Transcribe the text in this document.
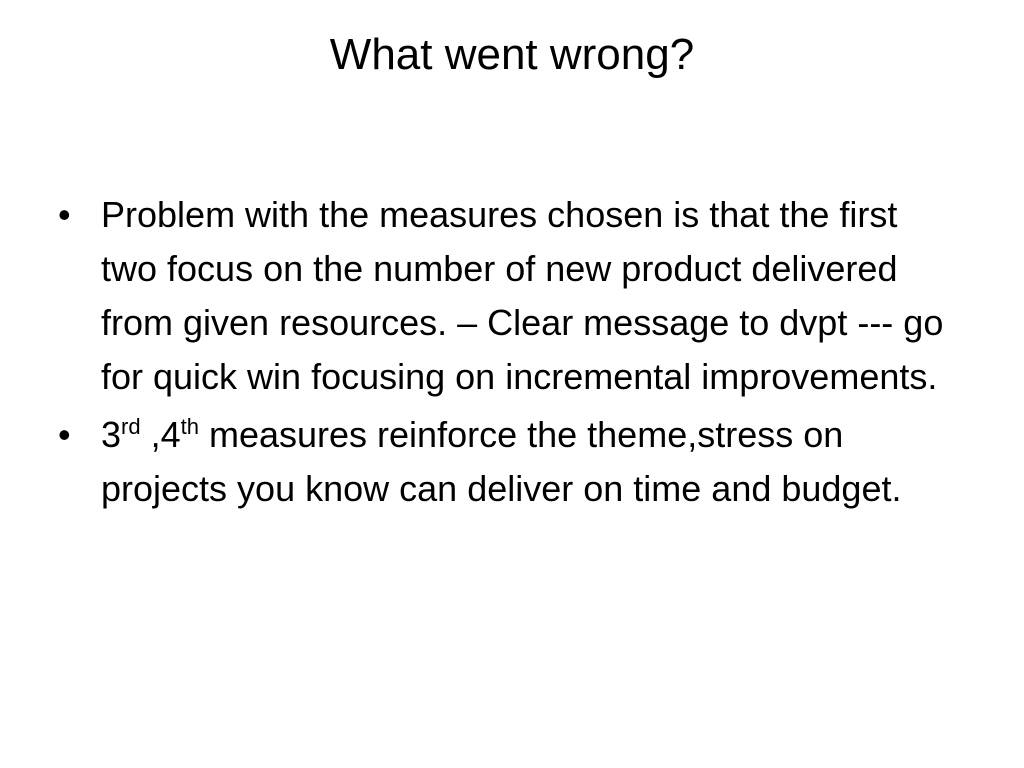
What went wrong?
• Problem with the measures chosen is that the first two focus on the number of new product delivered from given resources. – Clear message to dvpt --- go for quick win focusing on incremental improvements.
• 3rd ,4th measures reinforce the theme,stress on projects you know can deliver on time and budget.
